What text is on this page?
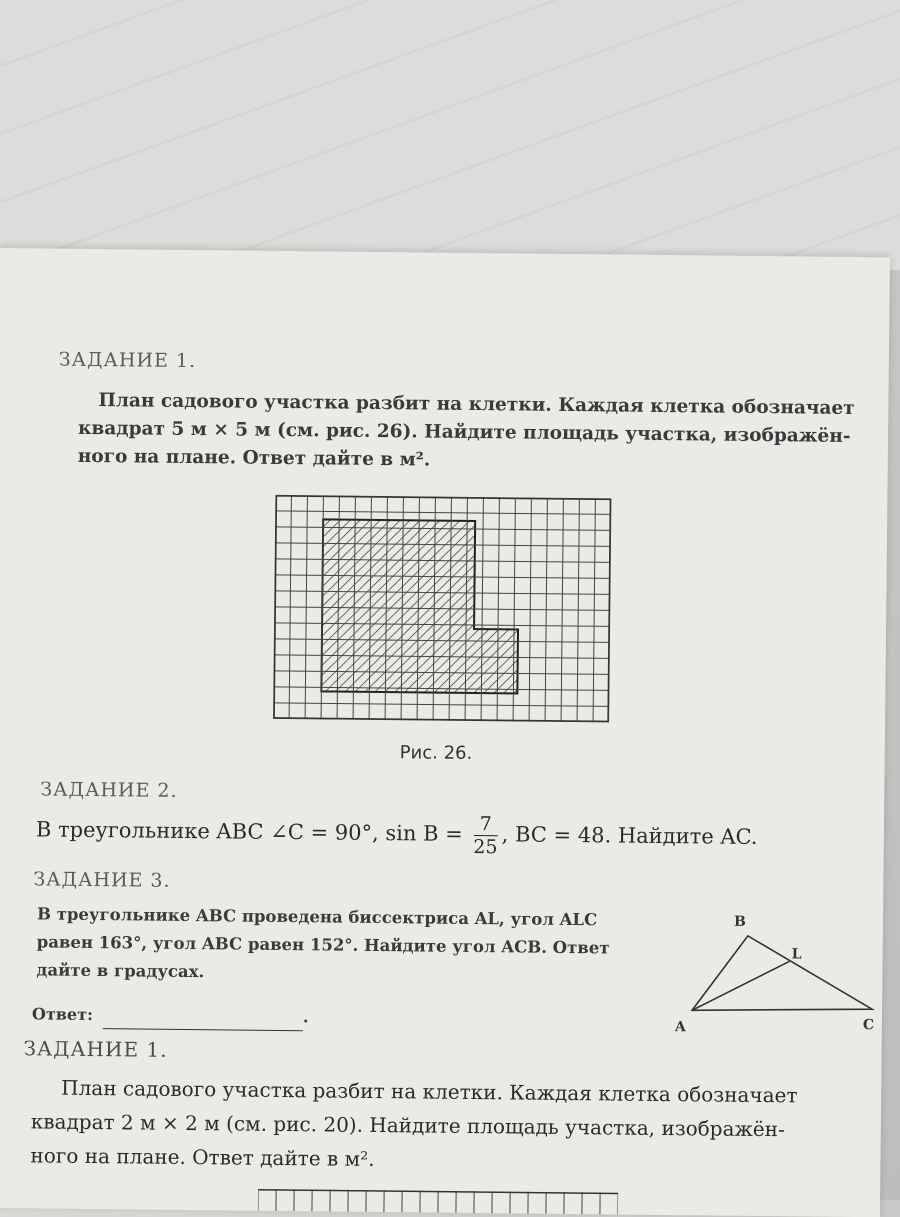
ЗАДАНИЕ 1.
План садового участка разбит на клетки. Каждая клетка обозначает
квадрат 5 м × 5 м (см. рис. 26). Найдите площадь участка, изображён-
ного на плане. Ответ дайте в м².
Рис. 26.
ЗАДАНИЕ 2.
В треугольнике ABC ∠C = 90°, $\sin B = \frac{7}{25}$ , BC = 48. Найдите AC.
ЗАДАНИЕ 3.
В треугольнике ABC проведена биссектриса AL, угол ALC
равен 163°, угол ABC равен 152°. Найдите угол ACB. Ответ
дайте в градусах.
Ответ:	.
B
L
A	C
ЗАДАНИЕ 1.
План садового участка разбит на клетки. Каждая клетка обозначает
квадрат 2 м × 2 м (см. рис. 20). Найдите площадь участка, изображён-
ного на плане. Ответ дайте в м².
